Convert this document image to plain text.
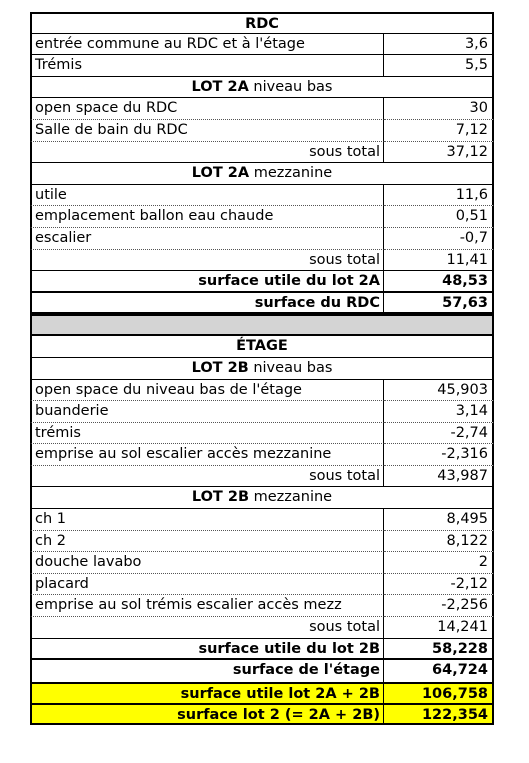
RDC
entrée commune au RDC et à l'étage	3,6
Trémis	5,5
LOT 2A niveau bas
open space du RDC	30
Salle de bain du RDC	7,12
sous total	37,12
LOT 2A mezzanine
utile	11,6
emplacement ballon eau chaude	0,51
escalier	-0,7
sous total	11,41
surface utile du lot 2A	48,53
surface du RDC	57,63
ÉTAGE
LOT 2B niveau bas
open space du niveau bas de l'étage	45,903
buanderie	3,14
trémis	-2,74
emprise au sol escalier accès mezzanine	-2,316
sous total	43,987
LOT 2B mezzanine
ch 1	8,495
ch 2	8,122
douche lavabo	2
placard	-2,12
emprise au sol trémis escalier accès mezz	-2,256
sous total	14,241
surface utile du lot 2B	58,228
surface de l'étage	64,724
surface utile lot 2A + 2B	106,758
surface lot 2 (= 2A + 2B)	122,354
